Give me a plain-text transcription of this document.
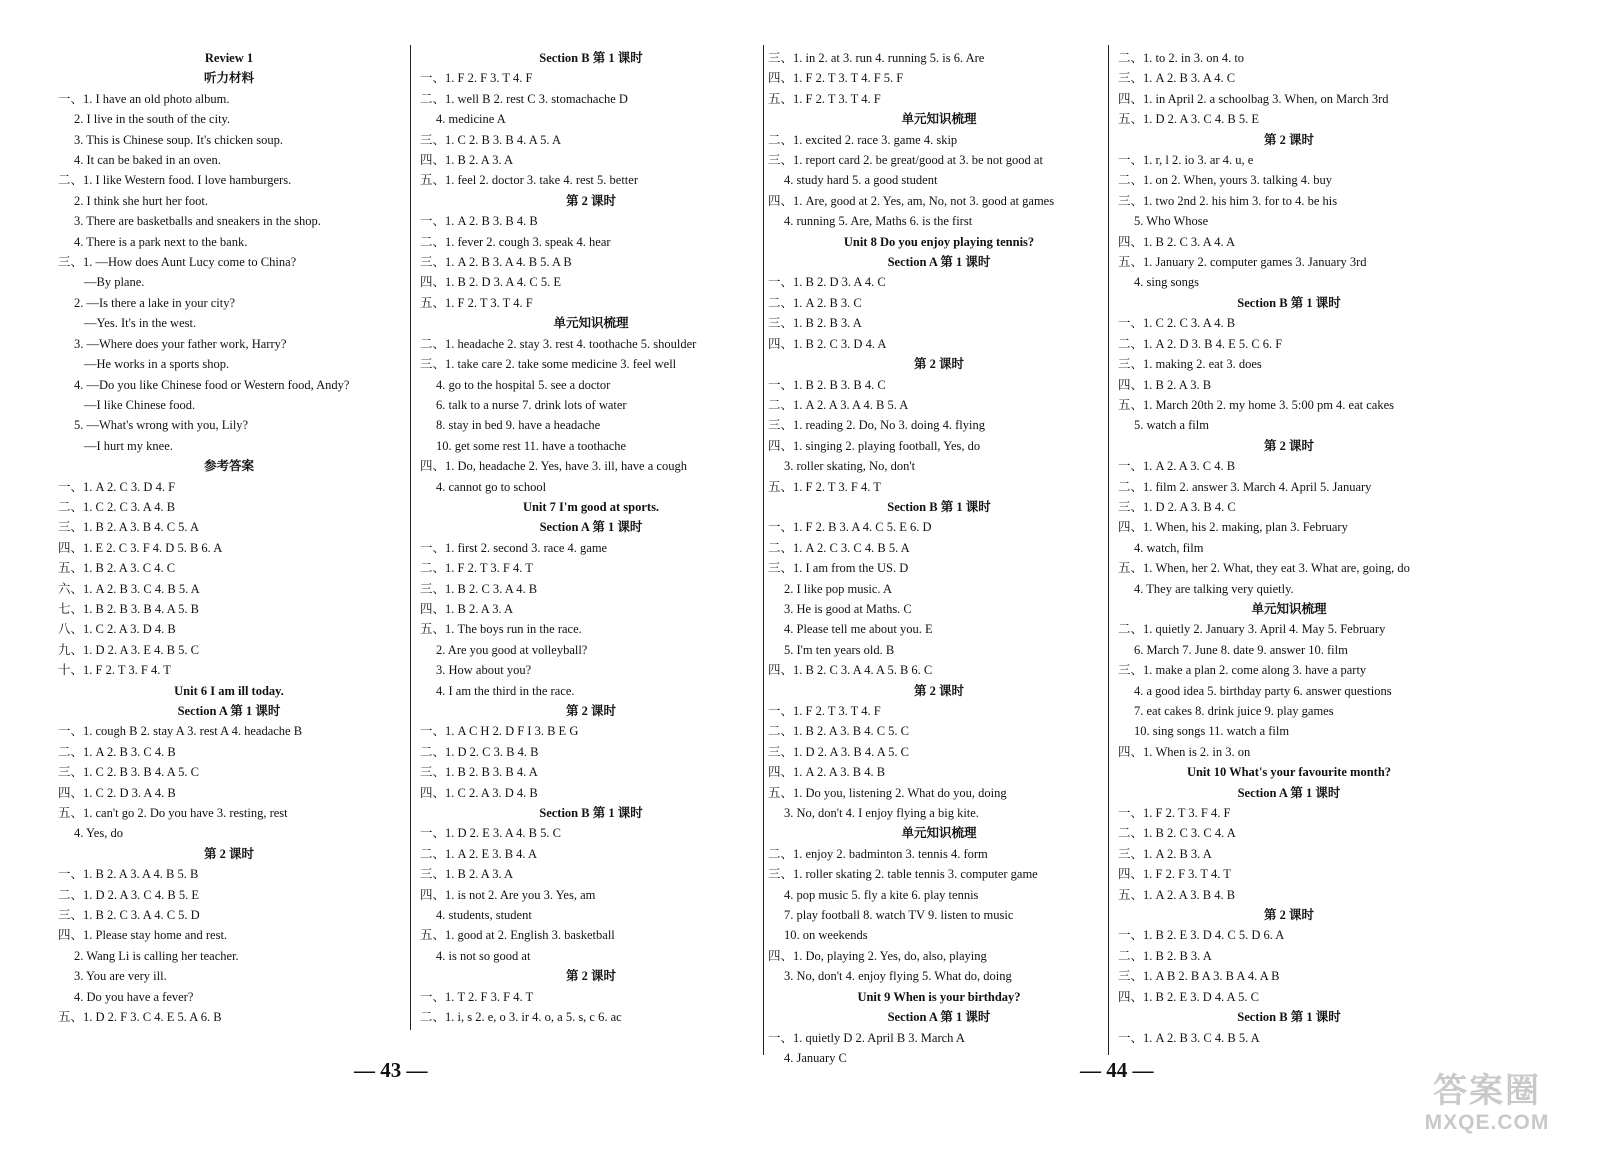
Review 1
听力材料
一、1. I have an old photo album.
2. I live in the south of the city.
3. This is Chinese soup. It's chicken soup.
4. It can be baked in an oven.
二、1. I like Western food. I love hamburgers.
2. I think she hurt her foot.
3. There are basketballs and sneakers in the shop.
4. There is a park next to the bank.
三、1. —How does Aunt Lucy come to China?
—By plane.
2. —Is there a lake in your city?
—Yes. It's in the west.
3. —Where does your father work, Harry?
—He works in a sports shop.
4. —Do you like Chinese food or Western food, Andy?
—I like Chinese food.
5. —What's wrong with you, Lily?
—I hurt my knee.
参考答案
一、1. A 2. C 3. D 4. F
二、1. C 2. C 3. A 4. B
三、1. B 2. A 3. B 4. C 5. A
四、1. E 2. C 3. F 4. D 5. B 6. A
五、1. B 2. A 3. C 4. C
六、1. A 2. B 3. C 4. B 5. A
七、1. B 2. B 3. B 4. A 5. B
八、1. C 2. A 3. D 4. B
九、1. D 2. A 3. E 4. B 5. C
十、1. F 2. T 3. F 4. T
Unit 6 I am ill today.
Section A 第 1 课时
一、1. cough B 2. stay A 3. rest A 4. headache B
二、1. A 2. B 3. C 4. B
三、1. C 2. B 3. B 4. A 5. C
四、1. C 2. D 3. A 4. B
五、1. can't go 2. Do you have 3. resting, rest
4. Yes, do
第 2 课时
一、1. B 2. A 3. A 4. B 5. B
二、1. D 2. A 3. C 4. B 5. E
三、1. B 2. C 3. A 4. C 5. D
四、1. Please stay home and rest.
2. Wang Li is calling her teacher.
3. You are very ill.
4. Do you have a fever?
五、1. D 2. F 3. C 4. E 5. A 6. B
Section B 第 1 课时
一、1. F 2. F 3. T 4. F
二、1. well B 2. rest C 3. stomachache D
4. medicine A
三、1. C 2. B 3. B 4. A 5. A
四、1. B 2. A 3. A
五、1. feel 2. doctor 3. take 4. rest 5. better
第 2 课时
一、1. A 2. B 3. B 4. B
二、1. fever 2. cough 3. speak 4. hear
三、1. A 2. B 3. A 4. B 5. A B
四、1. B 2. D 3. A 4. C 5. E
五、1. F 2. T 3. T 4. F
单元知识梳理
二、1. headache 2. stay 3. rest 4. toothache 5. shoulder
三、1. take care 2. take some medicine 3. feel well
4. go to the hospital 5. see a doctor
6. talk to a nurse 7. drink lots of water
8. stay in bed 9. have a headache
10. get some rest 11. have a toothache
四、1. Do, headache 2. Yes, have 3. ill, have a cough
4. cannot go to school
Unit 7 I'm good at sports.
Section A 第 1 课时
一、1. first 2. second 3. race 4. game
二、1. F 2. T 3. F 4. T
三、1. B 2. C 3. A 4. B
四、1. B 2. A 3. A
五、1. The boys run in the race.
2. Are you good at volleyball?
3. How about you?
4. I am the third in the race.
第 2 课时
一、1. A C H 2. D F I 3. B E G
二、1. D 2. C 3. B 4. B
三、1. B 2. B 3. B 4. A
四、1. C 2. A 3. D 4. B
Section B 第 1 课时
一、1. D 2. E 3. A 4. B 5. C
二、1. A 2. E 3. B 4. A
三、1. B 2. A 3. A
四、1. is not 2. Are you 3. Yes, am
4. students, student
五、1. good at 2. English 3. basketball
4. is not so good at
第 2 课时
一、1. T 2. F 3. F 4. T
二、1. i, s 2. e, o 3. ir 4. o, a 5. s, c 6. ac
三、1. in 2. at 3. run 4. running 5. is 6. Are
四、1. F 2. T 3. T 4. F 5. F
五、1. F 2. T 3. T 4. F
单元知识梳理
二、1. excited 2. race 3. game 4. skip
三、1. report card 2. be great/good at 3. be not good at
4. study hard 5. a good student
四、1. Are, good at 2. Yes, am, No, not 3. good at games
4. running 5. Are, Maths 6. is the first
Unit 8 Do you enjoy playing tennis?
Section A 第 1 课时
一、1. B 2. D 3. A 4. C
二、1. A 2. B 3. C
三、1. B 2. B 3. A
四、1. B 2. C 3. D 4. A
第 2 课时
一、1. B 2. B 3. B 4. C
二、1. A 2. A 3. A 4. B 5. A
三、1. reading 2. Do, No 3. doing 4. flying
四、1. singing 2. playing football, Yes, do
3. roller skating, No, don't
五、1. F 2. T 3. F 4. T
Section B 第 1 课时
一、1. F 2. B 3. A 4. C 5. E 6. D
二、1. A 2. C 3. C 4. B 5. A
三、1. I am from the US. D
2. I like pop music. A
3. He is good at Maths. C
4. Please tell me about you. E
5. I'm ten years old. B
四、1. B 2. C 3. A 4. A 5. B 6. C
第 2 课时
一、1. F 2. T 3. T 4. F
二、1. B 2. A 3. B 4. C 5. C
三、1. D 2. A 3. B 4. A 5. C
四、1. A 2. A 3. B 4. B
五、1. Do you, listening 2. What do you, doing
3. No, don't 4. I enjoy flying a big kite.
单元知识梳理
二、1. enjoy 2. badminton 3. tennis 4. form
三、1. roller skating 2. table tennis 3. computer game
4. pop music 5. fly a kite 6. play tennis
7. play football 8. watch TV 9. listen to music
10. on weekends
四、1. Do, playing 2. Yes, do, also, playing
3. No, don't 4. enjoy flying 5. What do, doing
Unit 9 When is your birthday?
Section A 第 1 课时
一、1. quietly D 2. April B 3. March A
4. January C
二、1. to 2. in 3. on 4. to
三、1. A 2. B 3. A 4. C
四、1. in April 2. a schoolbag 3. When, on March 3rd
五、1. D 2. A 3. C 4. B 5. E
第 2 课时
一、1. r, l 2. io 3. ar 4. u, e
二、1. on 2. When, yours 3. talking 4. buy
三、1. two 2nd 2. his him 3. for to 4. be his
5. Who Whose
四、1. B 2. C 3. A 4. A
五、1. January 2. computer games 3. January 3rd
4. sing songs
Section B 第 1 课时
一、1. C 2. C 3. A 4. B
二、1. A 2. D 3. B 4. E 5. C 6. F
三、1. making 2. eat 3. does
四、1. B 2. A 3. B
五、1. March 20th 2. my home 3. 5:00 pm 4. eat cakes
5. watch a film
第 2 课时
一、1. A 2. A 3. C 4. B
二、1. film 2. answer 3. March 4. April 5. January
三、1. D 2. A 3. B 4. C
四、1. When, his 2. making, plan 3. February
4. watch, film
五、1. When, her 2. What, they eat 3. What are, going, do
4. They are talking very quietly.
单元知识梳理
二、1. quietly 2. January 3. April 4. May 5. February
6. March 7. June 8. date 9. answer 10. film
三、1. make a plan 2. come along 3. have a party
4. a good idea 5. birthday party 6. answer questions
7. eat cakes 8. drink juice 9. play games
10. sing songs 11. watch a film
四、1. When is 2. in 3. on
Unit 10 What's your favourite month?
Section A 第 1 课时
一、1. F 2. T 3. F 4. F
二、1. B 2. C 3. C 4. A
三、1. A 2. B 3. A
四、1. F 2. F 3. T 4. T
五、1. A 2. A 3. B 4. B
第 2 课时
一、1. B 2. E 3. D 4. C 5. D 6. A
二、1. B 2. B 3. A
三、1. A B 2. B A 3. B A 4. A B
四、1. B 2. E 3. D 4. A 5. C
Section B 第 1 课时
一、1. A 2. B 3. C 4. B 5. A
— 43 —	— 44 —
答案圈
MXQE.COM
